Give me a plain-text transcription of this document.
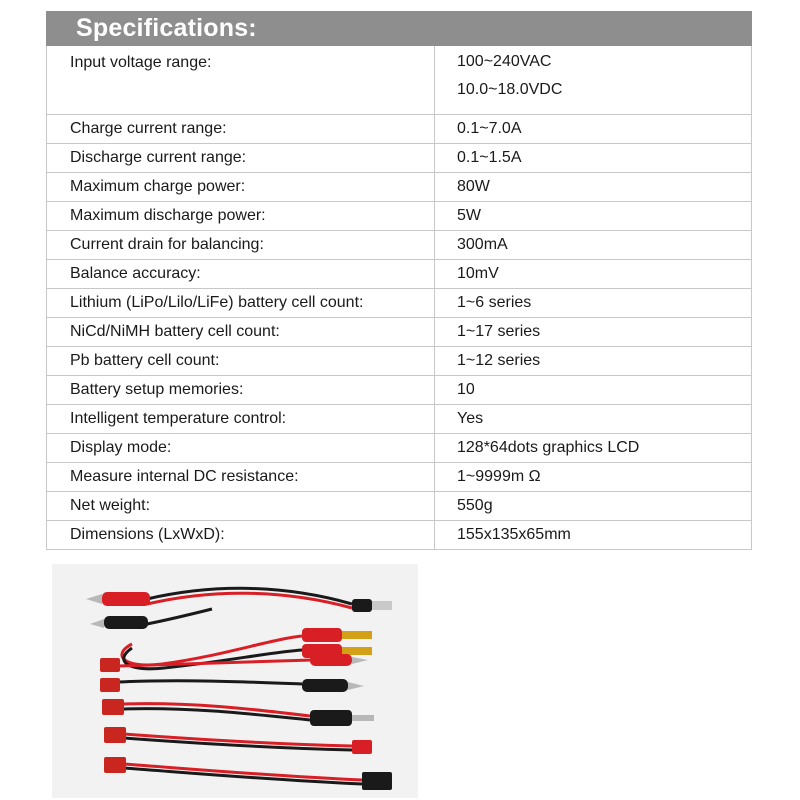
Specifications:
Input voltage range:	100~240VAC
10.0~18.0VDC

Charge current range:	0.1~7.0A
Discharge current range:	0.1~1.5A
Maximum charge power:	80W
Maximum discharge power:	5W
Current drain for balancing:	300mA
Balance accuracy:	10mV
Lithium (LiPo/Lilo/LiFe) battery cell count:	1~6 series
NiCd/NiMH battery cell count:	1~17 series
Pb battery cell count:	1~12 series
Battery setup memories:	10
Intelligent temperature control:	Yes
Display mode:	128*64dots graphics LCD
Measure internal DC resistance:	1~9999m Ω
Net weight:	550g
Dimensions (LxWxD):	155x135x65mm
